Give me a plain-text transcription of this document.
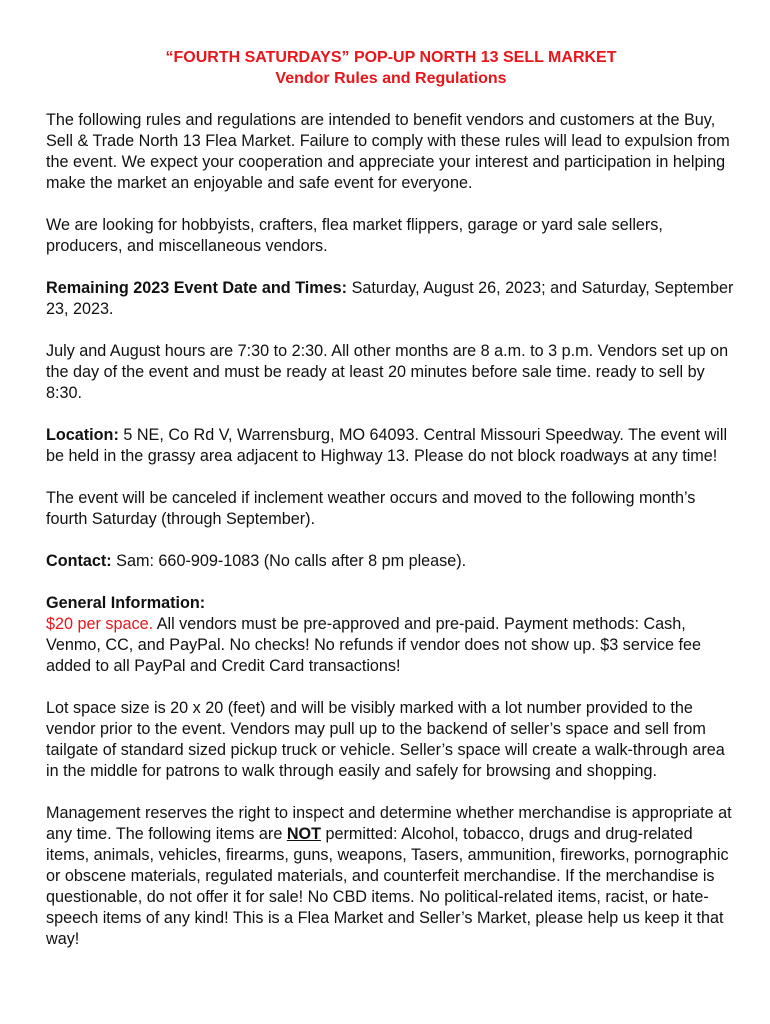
“FOURTH SATURDAYS” POP-UP NORTH 13 SELL MARKET

Vendor Rules and Regulations

The following rules and regulations are intended to benefit vendors and customers at the Buy, Sell & Trade North 13 Flea Market. Failure to comply with these rules will lead to expulsion from the event. We expect your cooperation and appreciate your interest and participation in helping make the market an enjoyable and safe event for everyone.

We are looking for hobbyists, crafters, flea market flippers, garage or yard sale sellers, producers, and miscellaneous vendors.

Remaining 2023 Event Date and Times: Saturday, August 26, 2023; and Saturday, September 23, 2023.

July and August hours are 7:30 to 2:30. All other months are 8 a.m. to 3 p.m. Vendors set up on the day of the event and must be ready at least 20 minutes before sale time. ready to sell by 8:30.

Location: 5 NE, Co Rd V, Warrensburg, MO 64093. Central Missouri Speedway. The event will be held in the grassy area adjacent to Highway 13. Please do not block roadways at any time!

The event will be canceled if inclement weather occurs and moved to the following month’s fourth Saturday (through September).

Contact: Sam: 660-909-1083 (No calls after 8 pm please).

General Information:

$20 per space. All vendors must be pre-approved and pre-paid. Payment methods: Cash, Venmo, CC, and PayPal. No checks! No refunds if vendor does not show up. $3 service fee added to all PayPal and Credit Card transactions!

Lot space size is 20 x 20 (feet) and will be visibly marked with a lot number provided to the vendor prior to the event. Vendors may pull up to the backend of seller’s space and sell from tailgate of standard sized pickup truck or vehicle. Seller’s space will create a walk-through area in the middle for patrons to walk through easily and safely for browsing and shopping.

Management reserves the right to inspect and determine whether merchandise is appropriate at any time. The following items are NOT permitted: Alcohol, tobacco, drugs and drug-related items, animals, vehicles, firearms, guns, weapons, Tasers, ammunition, fireworks, pornographic or obscene materials, regulated materials, and counterfeit merchandise. If the merchandise is questionable, do not offer it for sale! No CBD items. No political-related items, racist, or hate-speech items of any kind! This is a Flea Market and Seller’s Market, please help us keep it that way!
